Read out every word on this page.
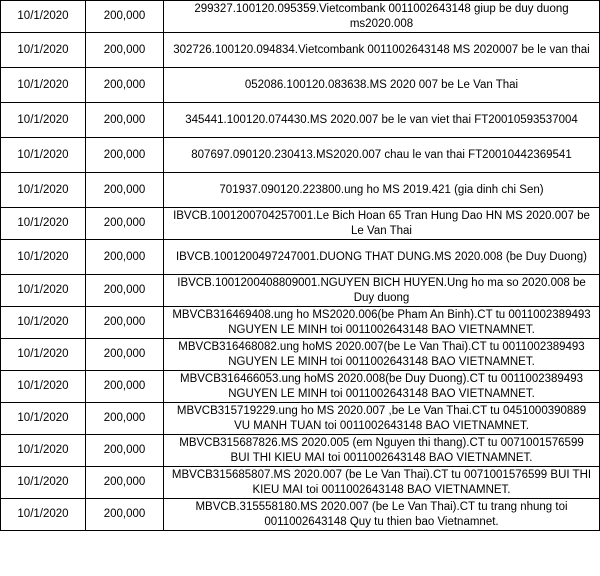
10/1/2020	200,000	299327.100120.095359.Vietcombank 0011002643148 giup be duy duong ms2020.008
10/1/2020	200,000	302726.100120.094834.Vietcombank 0011002643148 MS 2020007 be le van thai
10/1/2020	200,000	052086.100120.083638.MS 2020 007 be Le Van Thai
10/1/2020	200,000	345441.100120.074430.MS 2020.007 be le van viet thai FT20010593537004
10/1/2020	200,000	807697.090120.230413.MS2020.007 chau le van thai FT20010442369541
10/1/2020	200,000	701937.090120.223800.ung ho MS 2019.421 (gia dinh chi Sen)
10/1/2020	200,000	IBVCB.1001200704257001.Le Bich Hoan 65 Tran Hung Dao HN MS 2020.007 be Le Van Thai
10/1/2020	200,000	IBVCB.1001200497247001.DUONG THAT DUNG.MS 2020.008 (be Duy Duong)
10/1/2020	200,000	IBVCB.1001200408809001.NGUYEN BICH HUYEN.Ung ho ma so 2020.008 be Duy duong
10/1/2020	200,000	MBVCB316469408.ung ho MS2020.006(be Pham An Binh).CT tu 0011002389493 NGUYEN LE MINH toi 0011002643148 BAO VIETNAMNET.
10/1/2020	200,000	MBVCB316468082.ung hoMS 2020.007(be Le Van Thai).CT tu 0011002389493 NGUYEN LE MINH toi 0011002643148 BAO VIETNAMNET.
10/1/2020	200,000	MBVCB316466053.ung hoMS 2020.008(be Duy Duong).CT tu 0011002389493 NGUYEN LE MINH toi 0011002643148 BAO VIETNAMNET.
10/1/2020	200,000	MBVCB315719229.ung ho MS 2020.007 ,be Le Van Thai.CT tu 0451000390889 VU MANH TUAN toi 0011002643148 BAO VIETNAMNET.
10/1/2020	200,000	MBVCB315687826.MS 2020.005 (em Nguyen thi thang).CT tu 0071001576599 BUI THI KIEU MAI toi 0011002643148 BAO VIETNAMNET.
10/1/2020	200,000	MBVCB315685807.MS 2020.007 (be Le Van Thai).CT tu 0071001576599 BUI THI KIEU MAI toi 0011002643148 BAO VIETNAMNET.
10/1/2020	200,000	MBVCB.315558180.MS 2020.007 (be Le Van Thai).CT tu trang nhung toi 0011002643148 Quy tu thien bao Vietnamnet.
